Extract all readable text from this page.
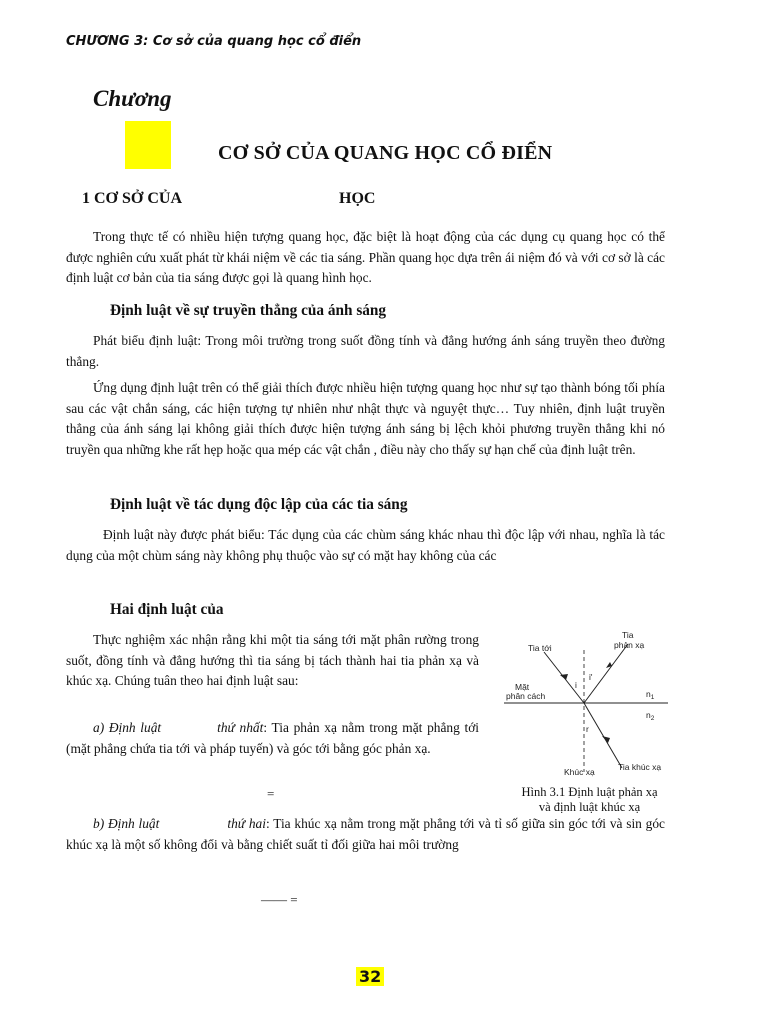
CHƯƠNG 3: Cơ sở của quang học cổ điển
Chương
CƠ SỞ CỦA QUANG HỌC CỔ ĐIỂN
1 CƠ SỞ CỦA	HỌC
Trong thực tế có nhiều hiện tượng quang học, đặc biệt là hoạt động của các dụng cụ quang học có thể được nghiên cứu xuất phát từ khái niệm về các tia sáng. Phần quang học dựa trên ái niệm đó và với cơ sở là các định luật cơ bản của tia sáng được gọi là quang hình học.
Định luật về sự truyền thẳng của ánh sáng
Phát biểu định luật: Trong môi trường trong suốt đồng tính và đẳng hướng ánh sáng truyền theo đường thẳng.
Ứng dụng định luật trên có thể giải thích được nhiều hiện tượng quang học như sự tạo thành bóng tối phía sau các vật chắn sáng, các hiện tượng tự nhiên như nhật thực và nguyệt thực… Tuy nhiên, định luật truyền thẳng của ánh sáng lại không giải thích được hiện tượng ánh sáng bị lệch khỏi phương truyền thẳng khi nó truyền qua những khe rất hẹp hoặc qua mép các vật chắn , điều này cho thấy sự hạn chế của định luật trên.
Định luật về tác dụng độc lập của các tia sáng
Định luật này được phát biểu: Tác dụng của các chùm sáng khác nhau thì độc lập với nhau, nghĩa là tác dụng của một chùm sáng này không phụ thuộc vào sự có mặt hay không của các
Hai định luật của
Thực nghiệm xác nhận rằng khi một tia sáng tới mặt phân rường trong suốt, đồng tính và đẳng hướng thì tia sáng bị tách thành hai tia phản xạ và khúc xạ. Chúng tuân theo hai định luật sau:
a) Định luật	thứ nhất: Tia phản xạ nằm trong mặt phẳng tới (mặt phẳng chứa tia tới và pháp tuyến) và góc tới bằng góc phản xạ.
=
b) Định luật	thứ hai: Tia khúc xạ nằm trong mặt phẳng tới và tỉ số giữa sin góc tới và sin góc khúc xạ là một số không đổi và bằng chiết suất tỉ đối giữa hai môi trường
—— =
Tia tới
Tia
phản xạ
Mặt
phân cách
i
i'
r
$n_1$
$n_2$
Tia khúc xạ
Khúc xạ
Hình 3.1 Định luật phản xạ
và định luật khúc xạ
32
